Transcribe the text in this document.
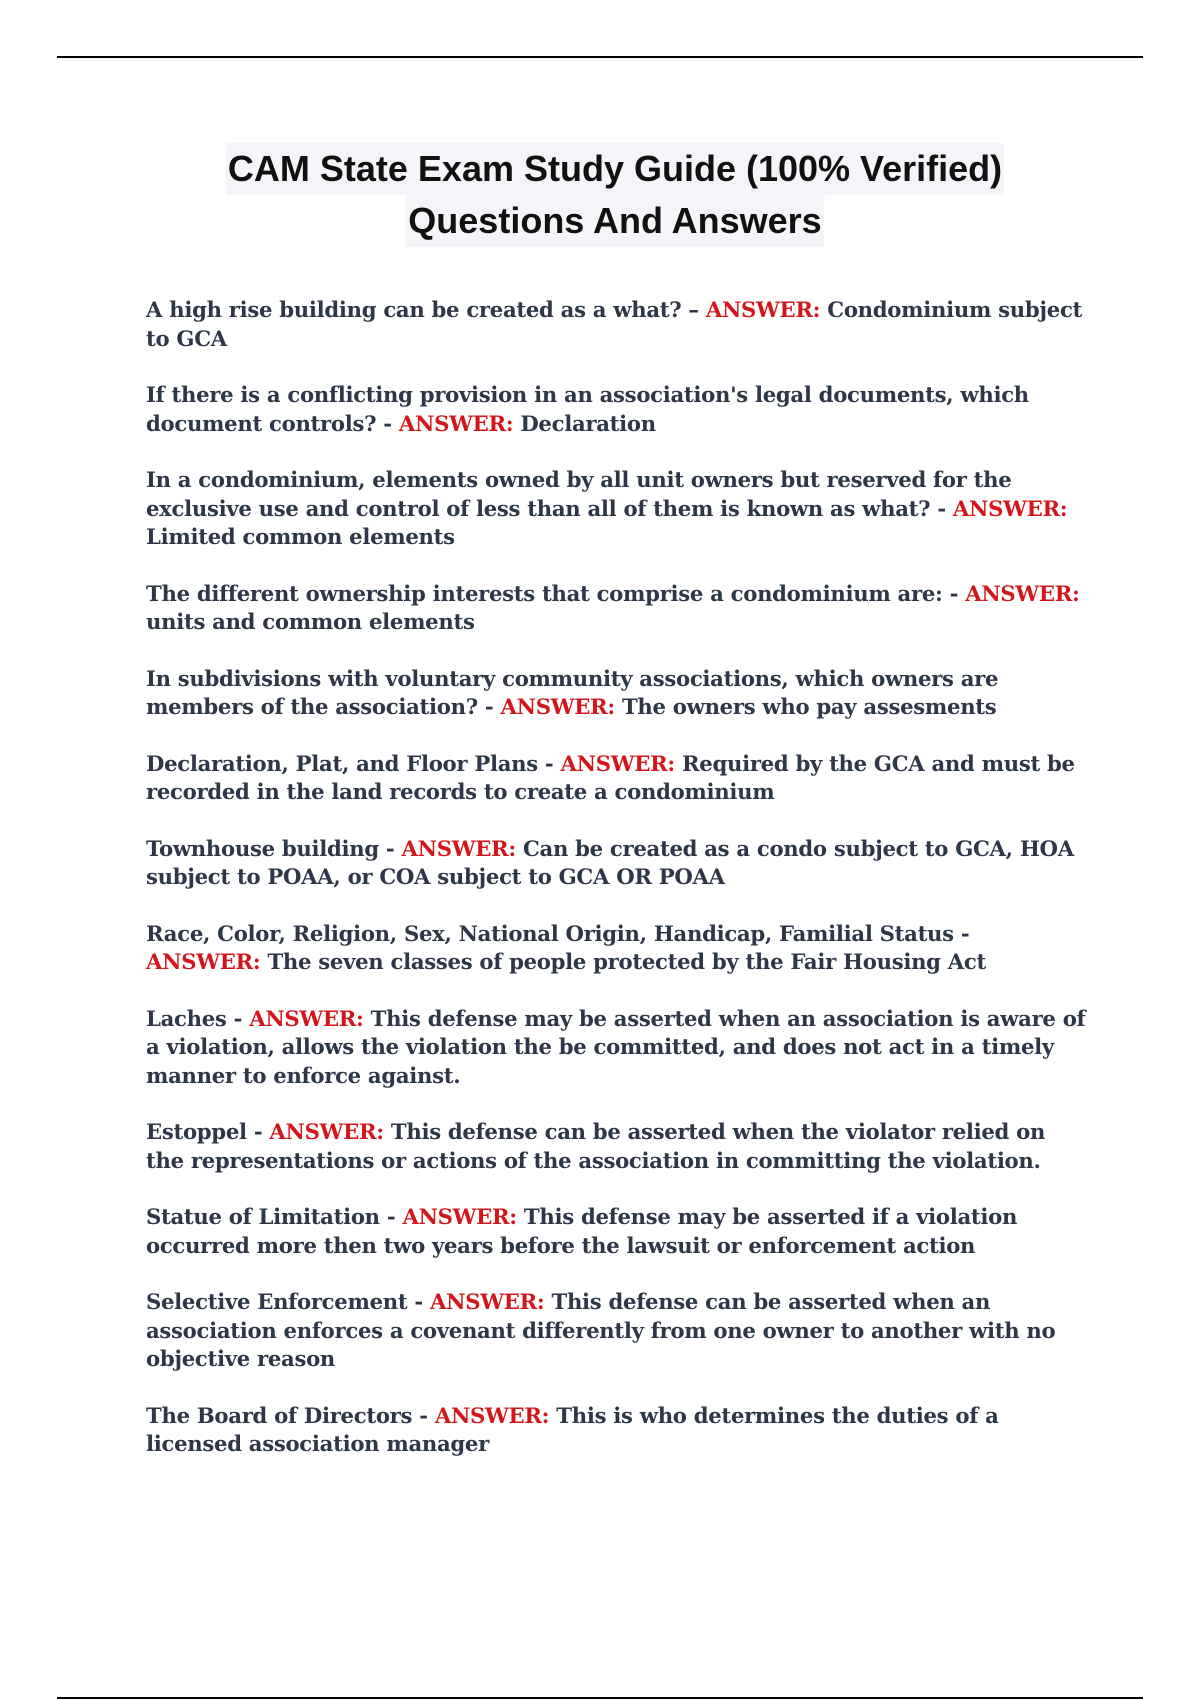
CAM State Exam Study Guide (100% Verified)
Questions And Answers
A high rise building can be created as a what? – ANSWER: Condominium subject to GCA
If there is a conflicting provision in an association's legal documents, which document controls? - ANSWER: Declaration
In a condominium, elements owned by all unit owners but reserved for the exclusive use and control of less than all of them is known as what? - ANSWER: Limited common elements
The different ownership interests that comprise a condominium are: - ANSWER: units and common elements
In subdivisions with voluntary community associations, which owners are members of the association? - ANSWER: The owners who pay assesments
Declaration, Plat, and Floor Plans - ANSWER: Required by the GCA and must be recorded in the land records to create a condominium
Townhouse building - ANSWER: Can be created as a condo subject to GCA, HOA subject to POAA, or COA subject to GCA OR POAA
Race, Color, Religion, Sex, National Origin, Handicap, Familial Status - ANSWER: The seven classes of people protected by the Fair Housing Act
Laches - ANSWER: This defense may be asserted when an association is aware of a violation, allows the violation the be committed, and does not act in a timely manner to enforce against.
Estoppel - ANSWER: This defense can be asserted when the violator relied on the representations or actions of the association in committing the violation.
Statue of Limitation - ANSWER: This defense may be asserted if a violation occurred more then two years before the lawsuit or enforcement action
Selective Enforcement - ANSWER: This defense can be asserted when an association enforces a covenant differently from one owner to another with no objective reason
The Board of Directors - ANSWER: This is who determines the duties of a licensed association manager
